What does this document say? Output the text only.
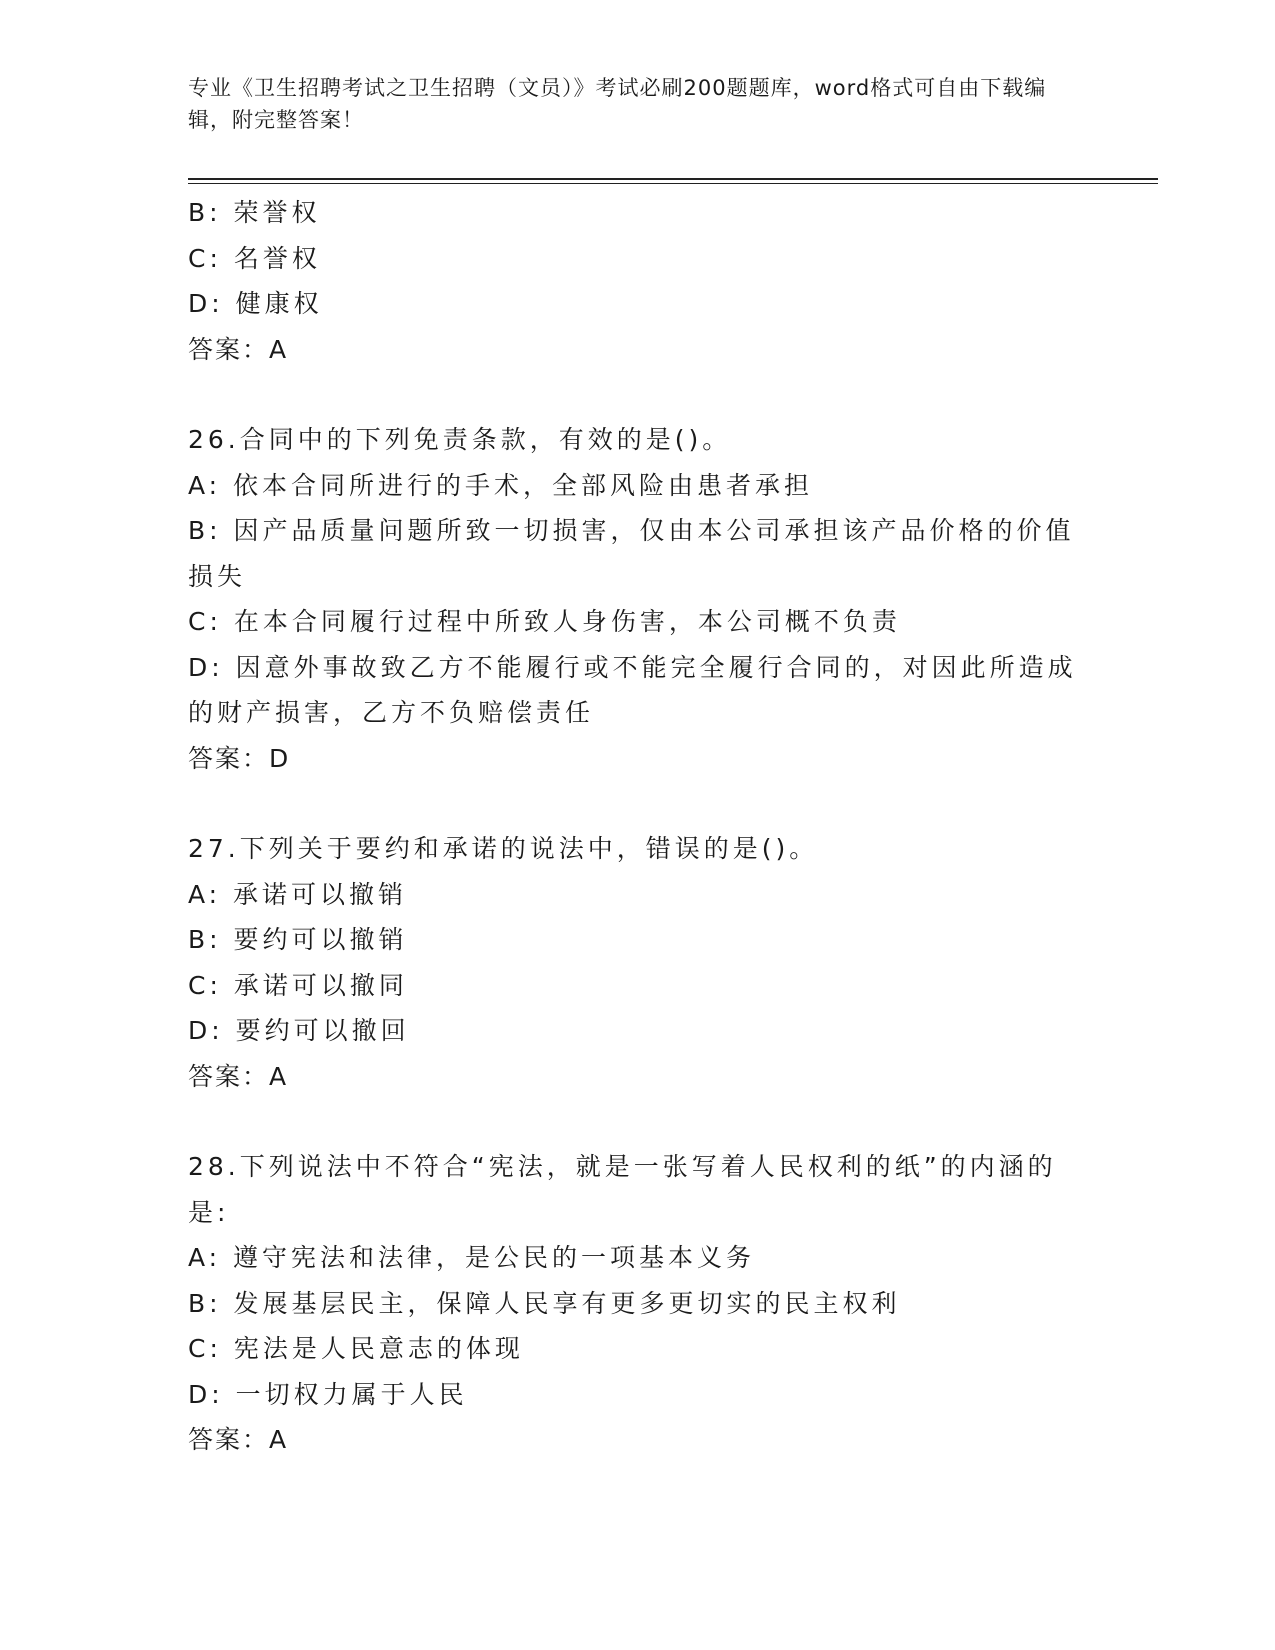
专业《卫生招聘考试之卫生招聘（文员）》考试必刷200题题库，word格式可自由下载编辑，附完整答案！
B: 荣誉权
C: 名誉权
D: 健康权
答案：A
26.合同中的下列免责条款，有效的是()。
A: 依本合同所进行的手术，全部风险由患者承担
B: 因产品质量问题所致一切损害，仅由本公司承担该产品价格的价值损失
C: 在本合同履行过程中所致人身伤害，本公司概不负责
D: 因意外事故致乙方不能履行或不能完全履行合同的，对因此所造成的财产损害，乙方不负赔偿责任
答案：D
27.下列关于要约和承诺的说法中，错误的是()。
A: 承诺可以撤销
B: 要约可以撤销
C: 承诺可以撤同
D: 要约可以撤回
答案：A
28.下列说法中不符合“宪法，就是一张写着人民权利的纸”的内涵的是:
A: 遵守宪法和法律，是公民的一项基本义务
B: 发展基层民主，保障人民享有更多更切实的民主权利
C: 宪法是人民意志的体现
D: 一切权力属于人民
答案：A
